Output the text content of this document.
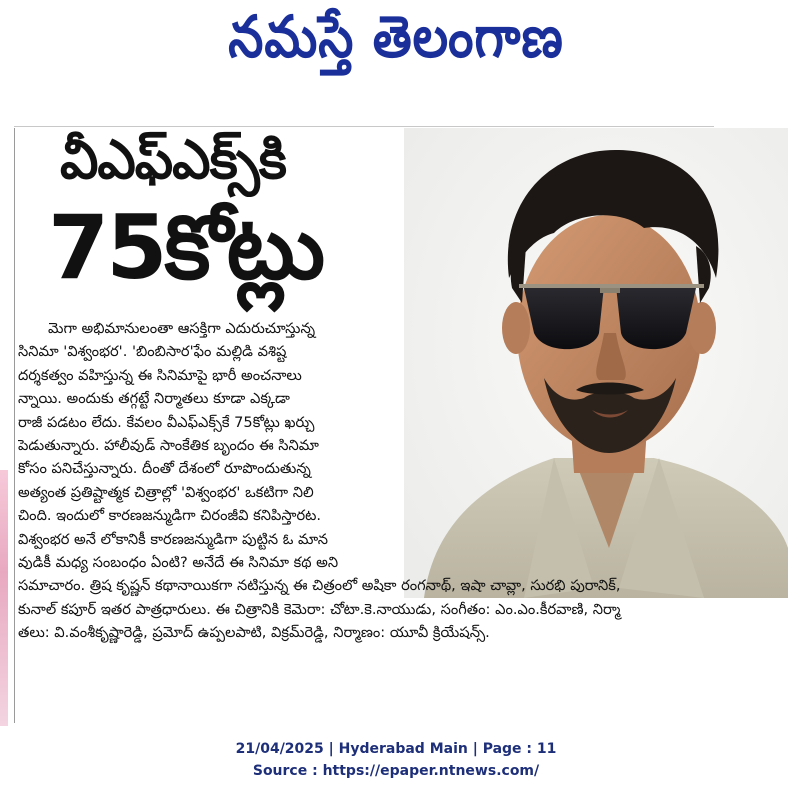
నమస్తే తెలంగాణ
వీఎఫ్ఎక్స్‌కి
75కోట్లు
మెగా అభిమానులంతా ఆసక్తిగా ఎదురుచూస్తున్న
సినిమా 'విశ్వంభర'. 'బింబిసార'ఫేం మల్లిడి వశిష్ట
దర్శకత్వం వహిస్తున్న ఈ సినిమాపై భారీ అంచనాలు
న్నాయి. అందుకు తగ్గట్టే నిర్మాతలు కూడా ఎక్కడా
రాజీ పడటం లేదు. కేవలం వీఎఫ్ఎక్స్‌కే 75కోట్లు ఖర్చు
పెడుతున్నారు. హాలీవుడ్ సాంకేతిక బృందం ఈ సినిమా
కోసం పనిచేస్తున్నారు. దీంతో దేశంలో రూపొందుతున్న
అత్యంత ప్రతిష్టాత్మక చిత్రాల్లో 'విశ్వంభర' ఒకటిగా నిలి
చింది. ఇందులో కారణజన్ముడిగా చిరంజీవి కనిపిస్తారట.
విశ్వంభర అనే లోకానికీ కారణజన్ముడిగా పుట్టిన ఓ మాన
వుడికీ మధ్య సంబంధం ఏంటి? అనేదే ఈ సినిమా కథ అని
సమాచారం. త్రిష కృష్ణన్ కథానాయికగా నటిస్తున్న ఈ చిత్రంలో అషికా రంగనాథ్, ఇషా చావ్లా, సురభి పురానిక్,
కునాల్ కపూర్ ఇతర పాత్రధారులు. ఈ చిత్రానికి కెమెరా: చోటా.కె.నాయుడు, సంగీతం: ఎం.ఎం.కీరవాణి, నిర్మా
తలు: వి.వంశీకృష్ణారెడ్డి, ప్రమోద్ ఉప్పలపాటి, విక్రమ్‌రెడ్డి, నిర్మాణం: యూవీ క్రియేషన్స్.
21/04/2025 | Hyderabad Main | Page : 11
Source : https://epaper.ntnews.com/
